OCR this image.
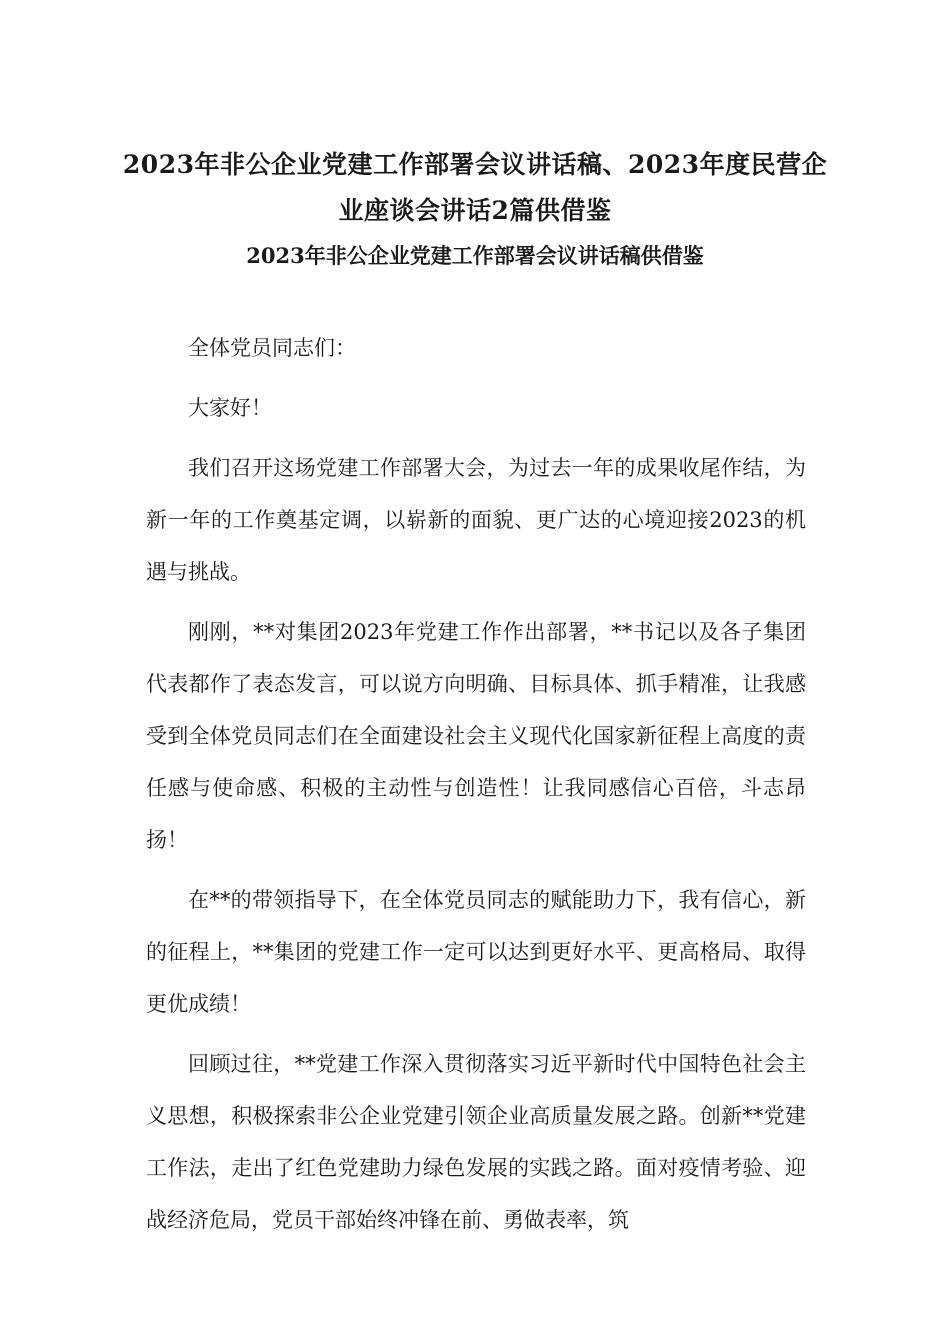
2023年非公企业党建工作部署会议讲话稿、2023年度民营企业座谈会讲话2篇供借鉴
2023年非公企业党建工作部署会议讲话稿供借鉴

全体党员同志们：

大家好！

我们召开这场党建工作部署大会，为过去一年的成果收尾作结，为新一年的工作奠基定调，以崭新的面貌、更广达的心境迎接2023的机遇与挑战。

刚刚，**对集团2023年党建工作作出部署，**书记以及各子集团代表都作了表态发言，可以说方向明确、目标具体、抓手精准，让我感受到全体党员同志们在全面建设社会主义现代化国家新征程上高度的责任感与使命感、积极的主动性与创造性！让我同感信心百倍，斗志昂扬！

在**的带领指导下，在全体党员同志的赋能助力下，我有信心，新的征程上，**集团的党建工作一定可以达到更好水平、更高格局、取得更优成绩！

回顾过往，**党建工作深入贯彻落实习近平新时代中国特色社会主义思想，积极探索非公企业党建引领企业高质量发展之路。创新**党建工作法，走出了红色党建助力绿色发展的实践之路。面对疫情考验、迎战经济危局，党员干部始终冲锋在前、勇做表率，筑
